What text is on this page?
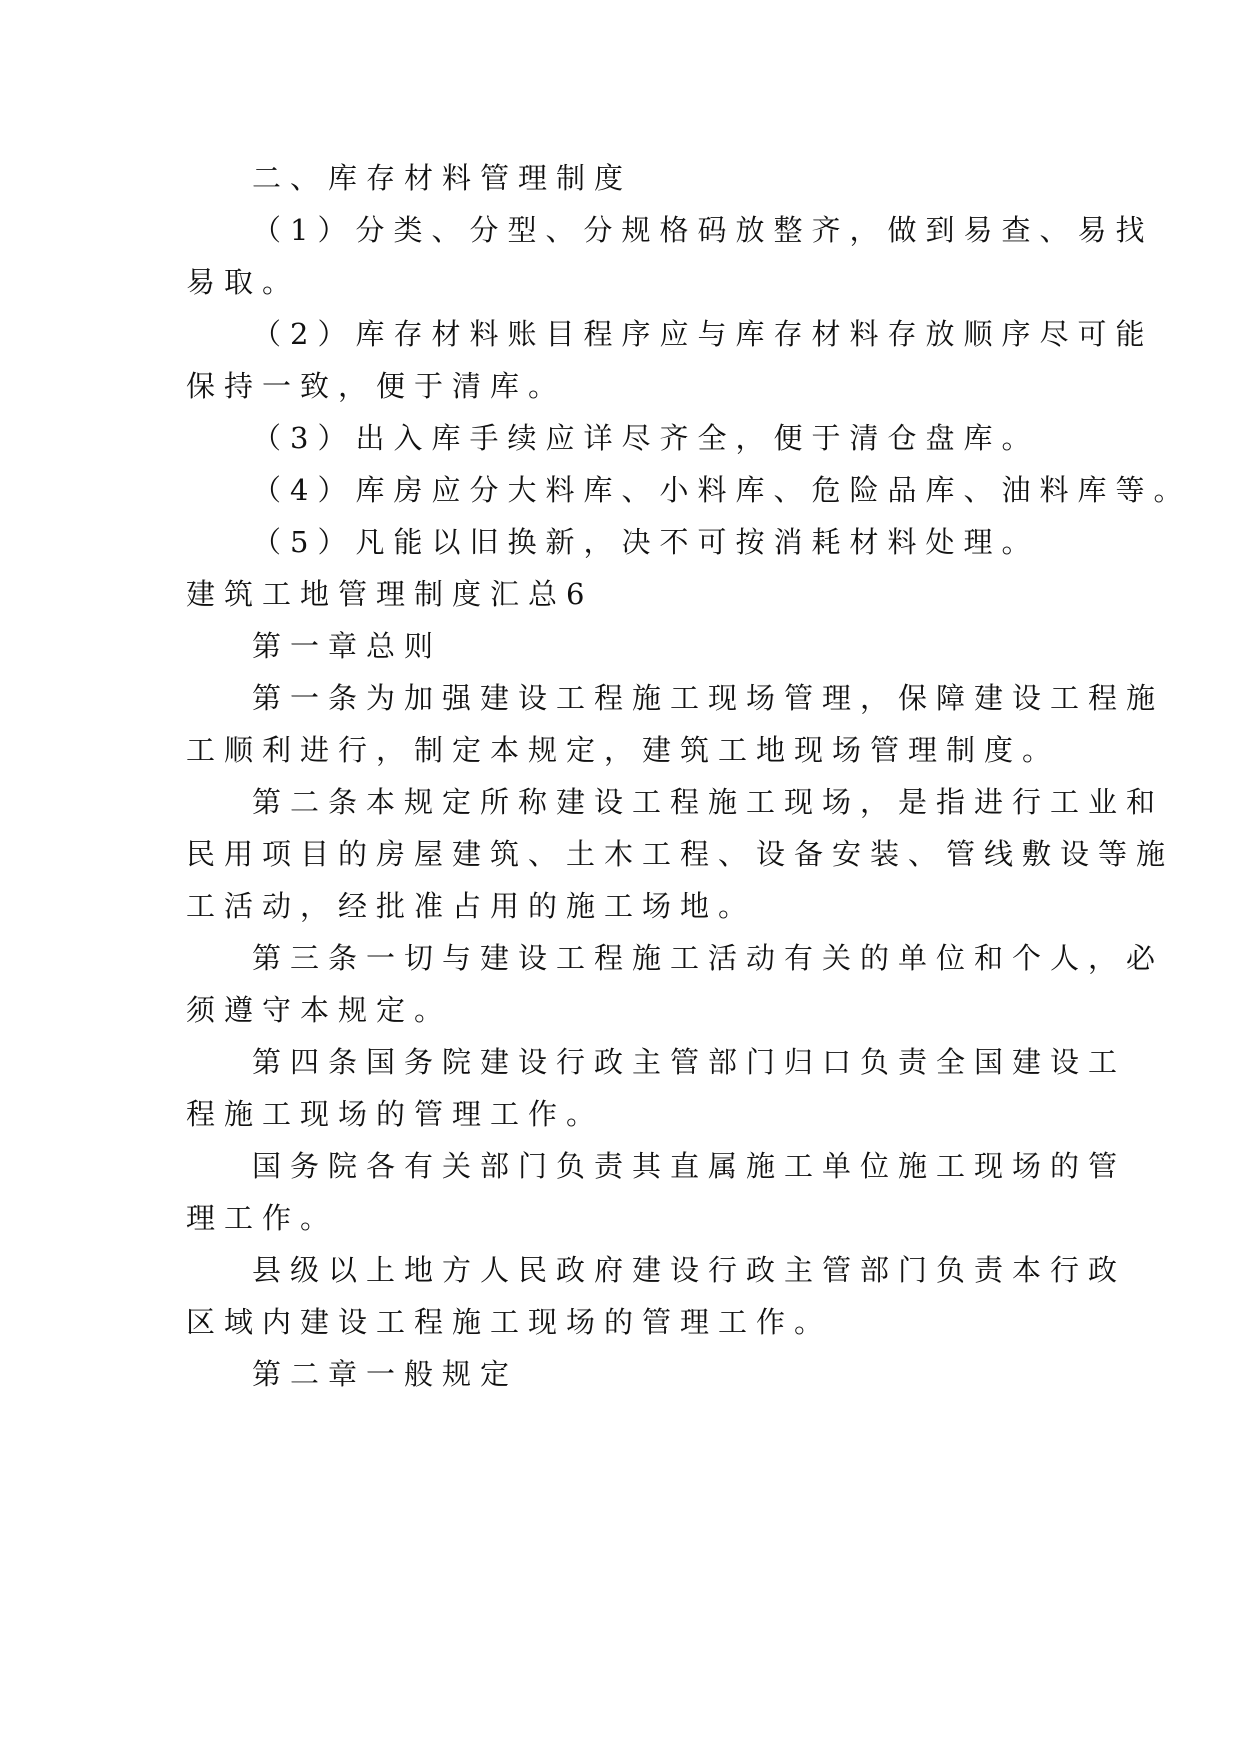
二、库存材料管理制度
（1）分类、分型、分规格码放整齐，做到易查、易找
易取。
（2）库存材料账目程序应与库存材料存放顺序尽可能
保持一致，便于清库。
（3）出入库手续应详尽齐全，便于清仓盘库。
（4）库房应分大料库、小料库、危险品库、油料库等。
（5）凡能以旧换新，决不可按消耗材料处理。
建筑工地管理制度汇总6
第一章总则
第一条为加强建设工程施工现场管理，保障建设工程施
工顺利进行，制定本规定，建筑工地现场管理制度。
第二条本规定所称建设工程施工现场，是指进行工业和
民用项目的房屋建筑、土木工程、设备安装、管线敷设等施
工活动，经批准占用的施工场地。
第三条一切与建设工程施工活动有关的单位和个人，必
须遵守本规定。
第四条国务院建设行政主管部门归口负责全国建设工
程施工现场的管理工作。
国务院各有关部门负责其直属施工单位施工现场的管
理工作。
县级以上地方人民政府建设行政主管部门负责本行政
区域内建设工程施工现场的管理工作。
第二章一般规定
